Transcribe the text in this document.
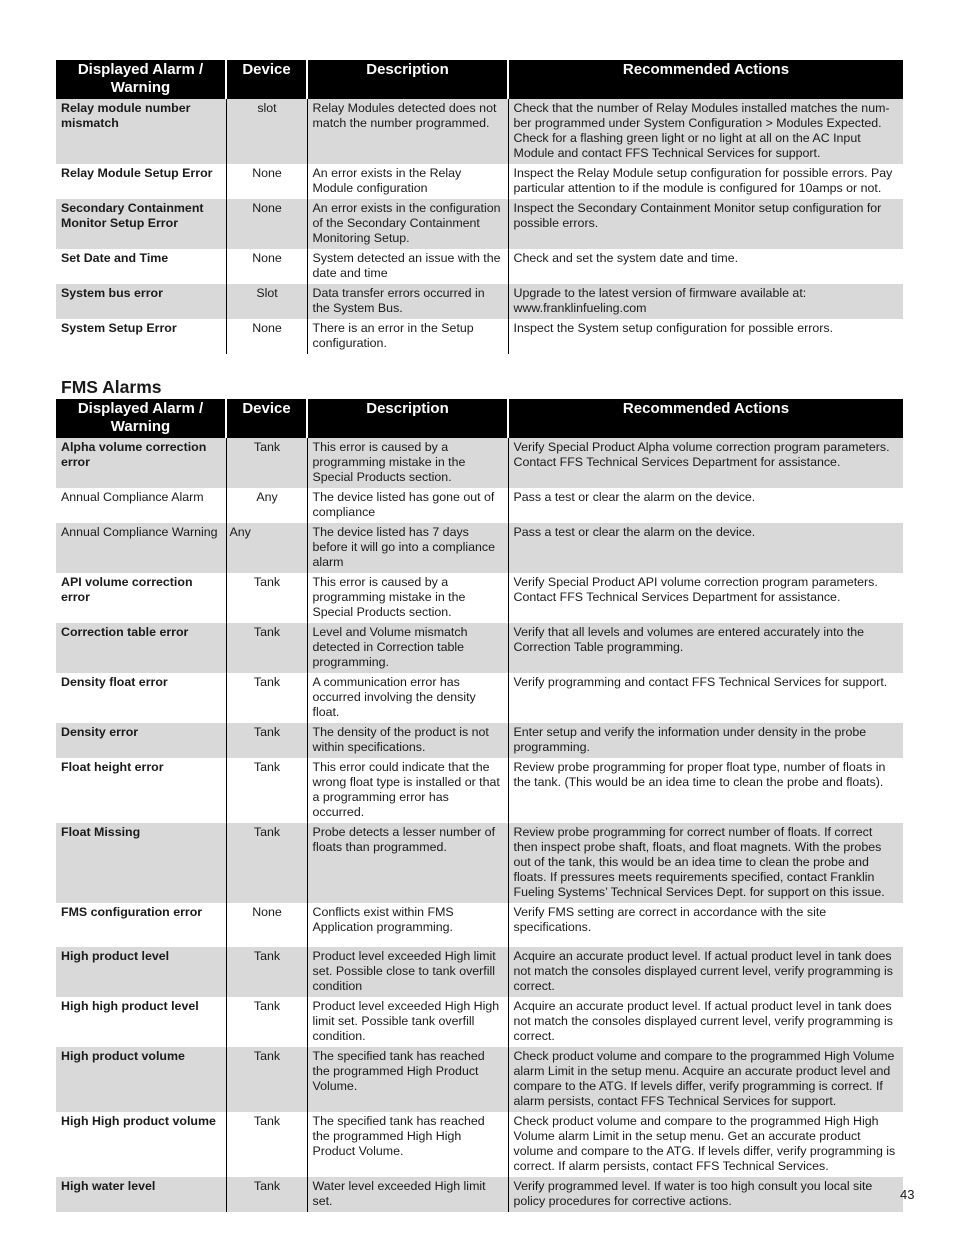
Displayed Alarm / Warning	Device	Description	Recommended Actions
Relay module number mismatch	slot	Relay Modules detected does not match the number programmed.	Check that the number of Relay Modules installed matches the num-ber programmed under System Configuration > Modules Expected. Check for a flashing green light or no light at all on the AC Input Module and contact FFS Technical Services for support.
Relay Module Setup Error	None	An error exists in the Relay Module configuration	Inspect the Relay Module setup configuration for possible errors. Pay particular attention to if the module is configured for 10amps or not.
Secondary Containment Monitor Setup Error	None	An error exists in the configuration of the Secondary Containment Monitoring Setup.	Inspect the Secondary Containment Monitor setup configuration for possible errors.
Set Date and Time	None	System detected an issue with the date and time	Check and set the system date and time.
System bus error	Slot	Data transfer errors occurred in the System Bus.	Upgrade to the latest version of firmware available at: www.franklinfueling.com
System Setup Error	None	There is an error in the Setup configuration.	Inspect the System setup configuration for possible errors.
FMS Alarms
Displayed Alarm / Warning	Device	Description	Recommended Actions
Alpha volume correction error	Tank	This error is caused by a programming mistake in the Special Products section.	Verify Special Product Alpha volume correction program parameters. Contact FFS Technical Services Department for assistance.
Annual Compliance Alarm	Any	The device listed has gone out of compliance	Pass a test or clear the alarm on the device.
Annual Compliance Warning	Any	The device listed has 7 days before it will go into a compliance alarm	Pass a test or clear the alarm on the device.
API volume correction error	Tank	This error is caused by a programming mistake in the Special Products section.	Verify Special Product API volume correction program parameters. Contact FFS Technical Services Department for assistance.
Correction table error	Tank	Level and Volume mismatch detected in Correction table programming.	Verify that all levels and volumes are entered accurately into the Correction Table programming.
Density float error	Tank	A communication error has occurred involving the density float.	Verify programming and contact FFS Technical Services for support.
Density error	Tank	The density of the product is not within specifications.	Enter setup and verify the information under density in the probe programming.
Float height error	Tank	This error could indicate that the wrong float type is installed or that a programming error has occurred.	Review probe programming for proper float type, number of floats in the tank. (This would be an idea time to clean the probe and floats).
Float Missing	Tank	Probe detects a lesser number of floats than programmed.	Review probe programming for correct number of floats. If correct then inspect probe shaft, floats, and float magnets. With the probes out of the tank, this would be an idea time to clean the probe and floats. If pressures meets requirements specified, contact Franklin Fueling Systems’ Technical Services Dept. for support on this issue.
FMS configuration error	None	Conflicts exist within FMS Application programming.	Verify FMS setting are correct in accordance with the site specifications.
High product level	Tank	Product level exceeded High limit set. Possible close to tank overfill condition	Acquire an accurate product level. If actual product level in tank does not match the consoles displayed current level, verify programming is correct.
High high product level	Tank	Product level exceeded High High limit set. Possible tank overfill condition.	Acquire an accurate product level. If actual product level in tank does not match the consoles displayed current level, verify programming is correct.
High product volume	Tank	The specified tank has reached the programmed High Product Volume.	Check product volume and compare to the programmed High Volume alarm Limit in the setup menu. Acquire an accurate product level and compare to the ATG. If levels differ, verify programming is correct. If alarm persists, contact FFS Technical Services for support.
High High product volume	Tank	The specified tank has reached the programmed High High Product Volume.	Check product volume and compare to the programmed High High Volume alarm Limit in the setup menu. Get an accurate product volume and compare to the ATG. If levels differ, verify programming is correct. If alarm persists, contact FFS Technical Services.
High water level	Tank	Water level exceeded High limit set.	Verify programmed level. If water is too high consult you local site policy procedures for corrective actions.	43
